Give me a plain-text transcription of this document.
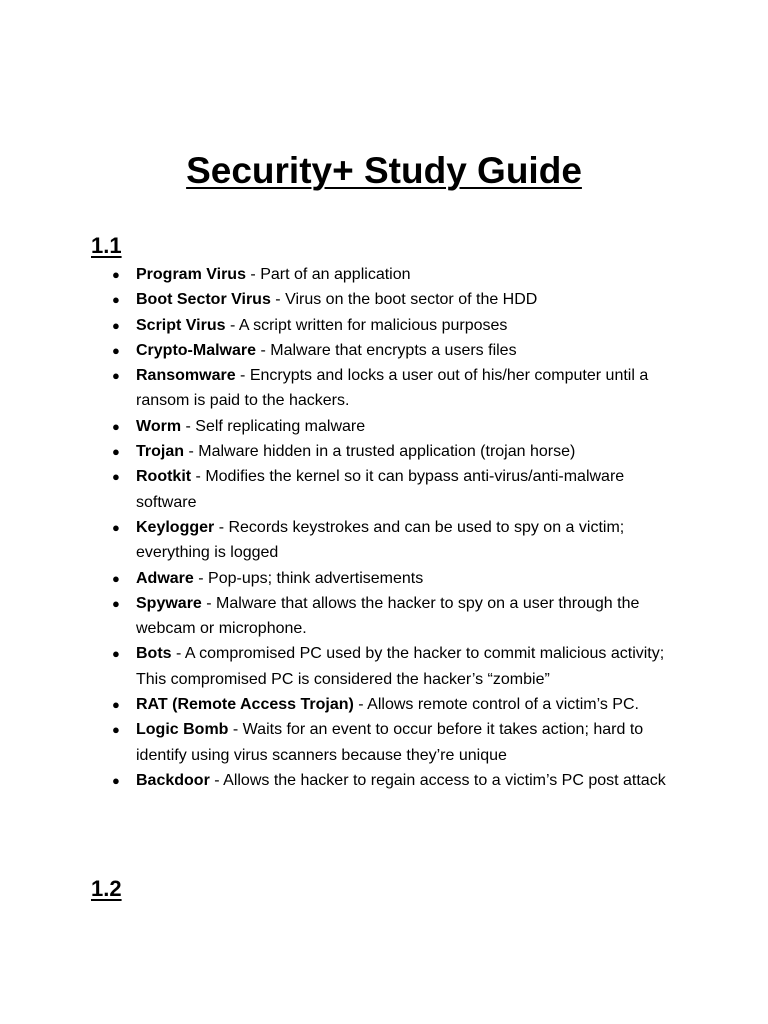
Security+ Study Guide
1.1
● Program Virus - Part of an application
● Boot Sector Virus - Virus on the boot sector of the HDD
● Script Virus - A script written for malicious purposes
● Crypto-Malware - Malware that encrypts a users files
● Ransomware - Encrypts and locks a user out of his/her computer until a ransom is paid to the hackers.
● Worm - Self replicating malware
● Trojan - Malware hidden in a trusted application (trojan horse)
● Rootkit - Modifies the kernel so it can bypass anti-virus/anti-malware software
● Keylogger - Records keystrokes and can be used to spy on a victim; everything is logged
● Adware - Pop-ups; think advertisements
● Spyware - Malware that allows the hacker to spy on a user through the webcam or microphone.
● Bots - A compromised PC used by the hacker to commit malicious activity; This compromised PC is considered the hacker’s “zombie”
● RAT (Remote Access Trojan) - Allows remote control of a victim’s PC.
● Logic Bomb - Waits for an event to occur before it takes action; hard to identify using virus scanners because they’re unique
● Backdoor - Allows the hacker to regain access to a victim’s PC post attack
1.2
